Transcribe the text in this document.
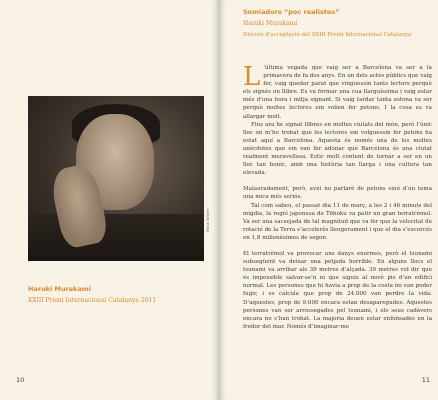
Elena Seibert
Haruki Murakami
XXIII Premi Internacional Catalunya 2011
10
Somiadors “poc realistes”
Haruki Murakami
Discurs d’acceptació del XXIII Premi Internacional Catalunya

L ’última vegada que vaig ser a Barcelona va ser a la primavera de fa dos anys. En un dels actes públics que vaig fer, vaig quedar parat que vinguessin tants lectors perquè els signés un llibre. Es va formar una cua llarguíssima i vaig estar més d’una hora i mitja signant. Si vaig tardar tanta estona va ser perquè moltes lectores em volien fer petons. I la cosa es va allargar molt.

Fins ara he signat llibres en moltes ciutats del món, però l’únic lloc on m’he trobat que les lectores em volguessin fer petons ha estat aquí a Barcelona. Aquesta és només una de les moltes anècdotes que em van fer adonar que Barcelona és una ciutat realment meravellosa. Estic molt content de tornar a ser en un lloc tan bonic, amb una història tan llarga i una cultura tan elevada.

Malauradament, però, avui no parlaré de petons sinó d’un tema una mica més seriós.

Tal com sabeu, el passat dia 11 de març, a les 2 i 46 minuts del migdia, la regió japonesa de Tōhoku va patir un gran terratrèmol. Va ser una sacsejada de tal magnitud que va fer que la velocitat de rotació de la Terra s’accelerés lleugerament i que el dia s’escurcés en 1,8 milionèsimes de segon.

El terratrèmol va provocar uns danys enormes, però el tsunami subsegüent va deixar una petjada horrible. En alguns llocs el tsunami va arribar als 39 metres d’alçada. 39 metres vol dir que és impossible salvar-se’n ni que siguis al novè pis d’un edifici normal. Les persones que hi havia a prop de la costa no van poder fugir, i es calcula que prop de 24.000 van perdre la vida. D’aquestes, prop de 9.000 encara estan desaparegudes. Aquestes persones van ser arrossegades pel tsunami, i els seus cadàvers encara no s’han trobat. La majoria deuen estar enfonsades en la fredor del mar. Només d’imaginar-me

11
